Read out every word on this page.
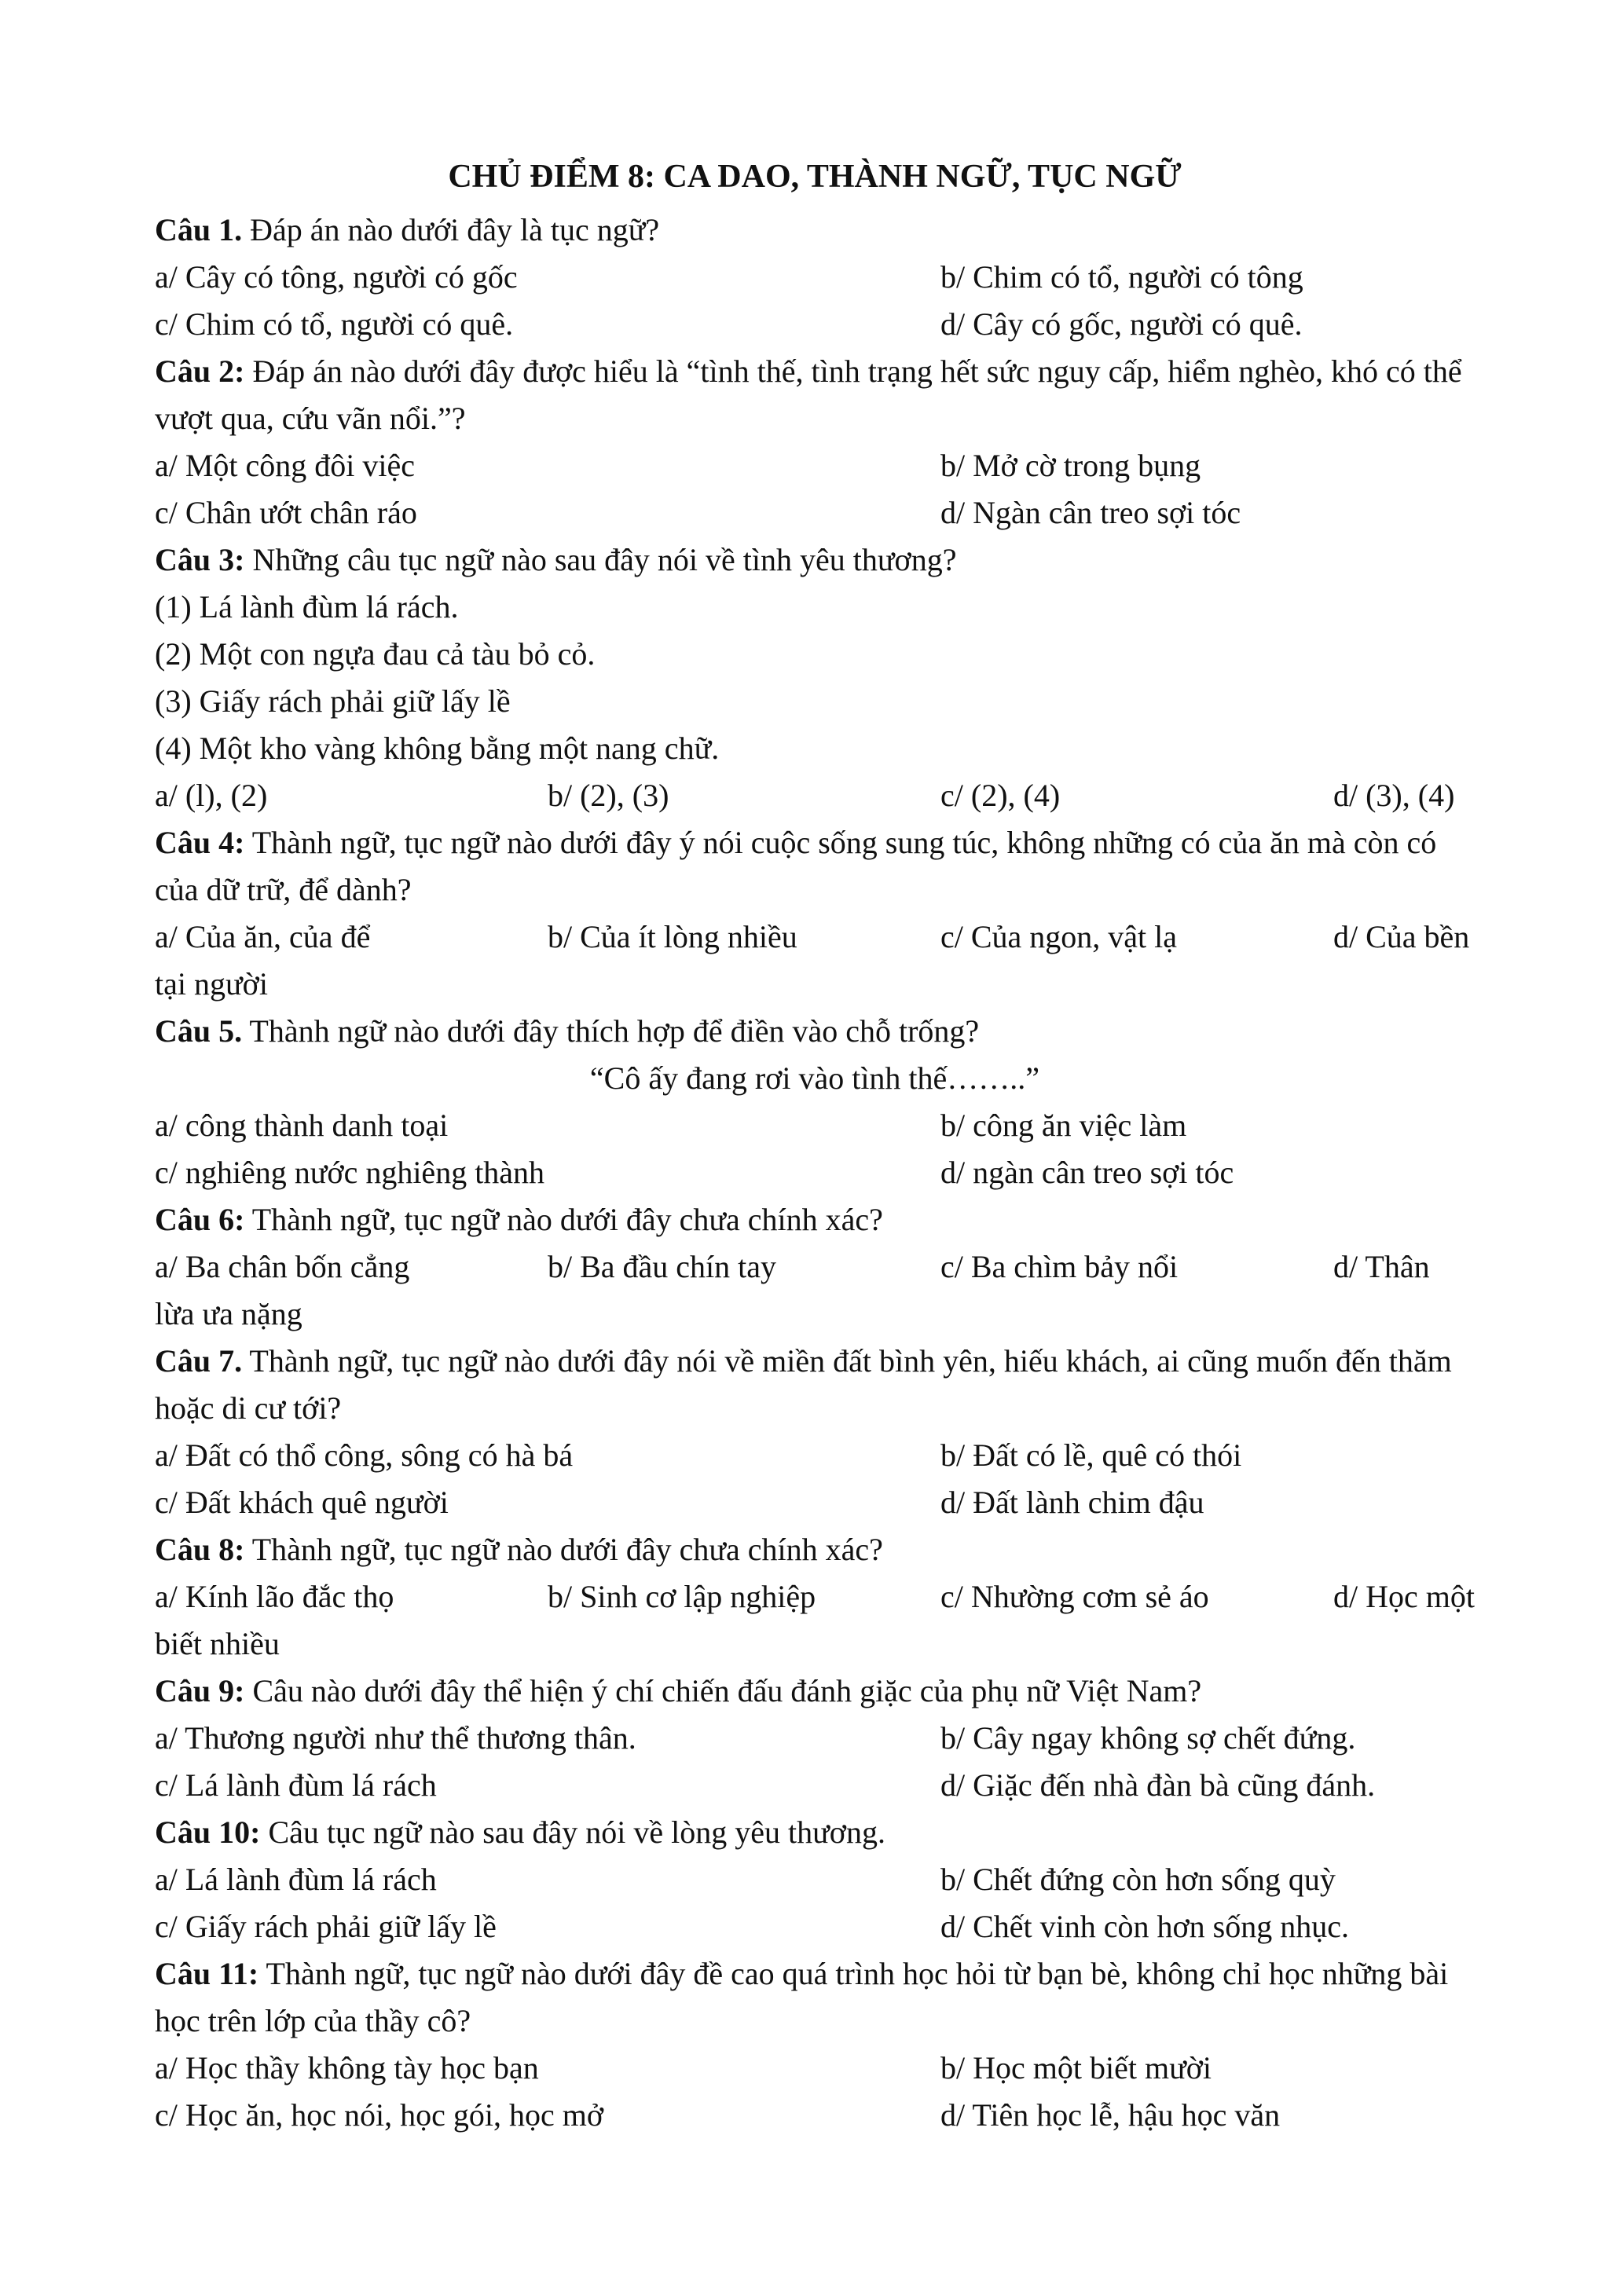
CHỦ ĐIỂM 8: CA DAO, THÀNH NGỮ, TỤC NGỮ

Câu 1. Đáp án nào dưới đây là tục ngữ?

a/ Cây có tông, người có gốc	b/ Chim có tổ, người có tông
c/ Chim có tổ, người có quê.	d/ Cây có gốc, người có quê.

Câu 2: Đáp án nào dưới đây được hiểu là “tình thế, tình trạng hết sức nguy cấp, hiểm nghèo, khó có thể vượt qua, cứu vãn nổi.”?

a/ Một công đôi việc	b/ Mở cờ trong bụng
c/ Chân ướt chân ráo	d/ Ngàn cân treo sợi tóc

Câu 3: Những câu tục ngữ nào sau đây nói về tình yêu thương?

(1) Lá lành đùm lá rách.

(2) Một con ngựa đau cả tàu bỏ cỏ.

(3) Giấy rách phải giữ lấy lề

(4) Một kho vàng không bằng một nang chữ.

a/ (l), (2)	b/ (2), (3)	c/ (2), (4)	d/ (3), (4)

Câu 4: Thành ngữ, tục ngữ nào dưới đây ý nói cuộc sống sung túc, không những có của ăn mà còn có của dữ trữ, để dành?

a/ Của ăn, của để	b/ Của ít lòng nhiều	c/ Của ngon, vật lạ	d/ Của bền tại người

Câu 5. Thành ngữ nào dưới đây thích hợp để điền vào chỗ trống?

“Cô ấy đang rơi vào tình thế……..”

a/ công thành danh toại	b/ công ăn việc làm
c/ nghiêng nước nghiêng thành	d/ ngàn cân treo sợi tóc

Câu 6: Thành ngữ, tục ngữ nào dưới đây chưa chính xác?

a/ Ba chân bốn cẳng	b/ Ba đầu chín tay	c/ Ba chìm bảy nổi	d/ Thân lừa ưa nặng

Câu 7. Thành ngữ, tục ngữ nào dưới đây nói về miền đất bình yên, hiếu khách, ai cũng muốn đến thăm hoặc di cư tới?

a/ Đất có thổ công, sông có hà bá	b/ Đất có lề, quê có thói
c/ Đất khách quê người	d/ Đất lành chim đậu

Câu 8: Thành ngữ, tục ngữ nào dưới đây chưa chính xác?

a/ Kính lão đắc thọ	b/ Sinh cơ lập nghiệp	c/ Nhường cơm sẻ áo	d/ Học một biết nhiều

Câu 9: Câu nào dưới đây thể hiện ý chí chiến đấu đánh giặc của phụ nữ Việt Nam?

a/ Thương người như thể thương thân.	b/ Cây ngay không sợ chết đứng.
c/ Lá lành đùm lá rách	d/ Giặc đến nhà đàn bà cũng đánh.

Câu 10: Câu tục ngữ nào sau đây nói về lòng yêu thương.

a/ Lá lành đùm lá rách	b/ Chết đứng còn hơn sống quỳ
c/ Giấy rách phải giữ lấy lề	d/ Chết vinh còn hơn sống nhục.

Câu 11: Thành ngữ, tục ngữ nào dưới đây đề cao quá trình học hỏi từ bạn bè, không chỉ học những bài học trên lớp của thầy cô?

a/ Học thầy không tày học bạn	b/ Học một biết mười
c/ Học ăn, học nói, học gói, học mở	d/ Tiên học lễ, hậu học văn
